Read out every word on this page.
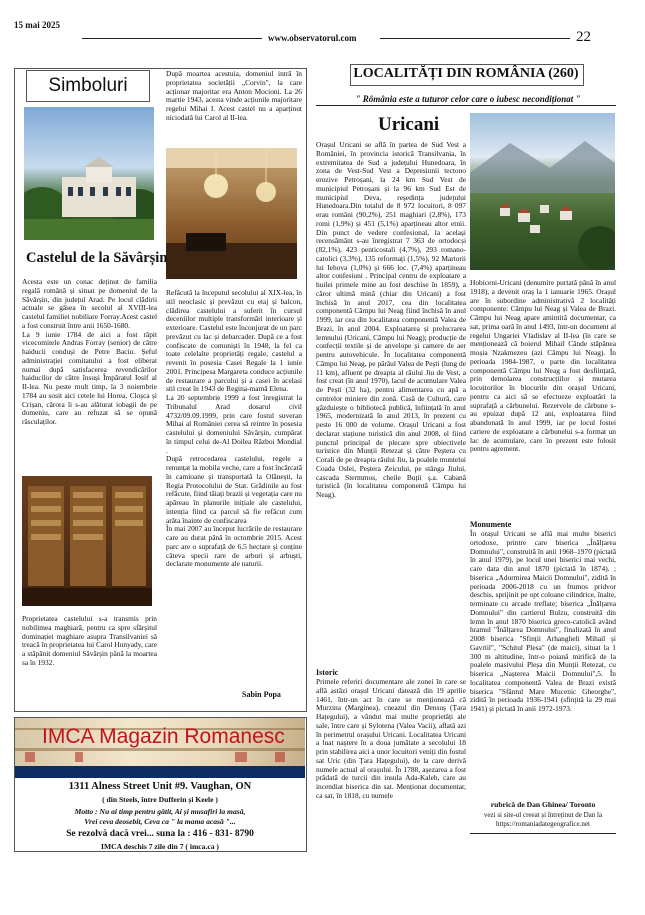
15 mai 2025
www.observatorul.com	22
Simboluri
După moartea acestuia, domeniul intră în proprietatea societății „Corvin", la care acționar majoritar era Anton Mocioni. La 26 martie 1943, acesta vinde acțiunile majoritare regelui Mihai I. Acest castel nu a aparținut niciodată lui Carol al II-lea.
Castelul de la Săvârșin
Acesta este un conac deținut de familia regală română și situat pe domeniul de la Săvârșin, din județul Arad. Pe locul clădirii actuale se găsea în secolul al XVIII-lea castelul familiei nobiliare Forray.Acest castel a fost construit între anii 1650-1680.
La 9 iunie 1784 de aici a fost răpit vicecomitele Andras Forray (senior) de către haiducii conduși de Petre Baciu. Șeful administrației comitatului a fost eliberat numai după satisfacerea revendicărilor haiducilor de către însuși Împăratul Iosif al II-lea. Nu peste mult timp, la 3 noiembrie 1784 au sosit aici cetele lui Horea, Cloșca și Crișan, cărora li s-au alăturat iobagii de pe domeniu, care au refuzat să se opună răsculaților.
Proprietatea castelului s-a transmis prin nobilimea maghiară, pentru ca spre sfârșitul dominației maghiare asupra Transilvaniei să treacă în proprietatea lui Carol Hunyady, care a stăpânit domeniul Săvârșin până la moartea sa în 1932.
Refăcută la începutul secolului al XIX-lea, în stil neoclasic și prevăzut cu etaj și balcon, clădirea castelului a suferit în cursul deceniilor multiple transformări interioare și exterioare. Castelul este înconjurat de un parc prevăzut cu lac și debarcader. După ce a fost confiscate de comuniști în 1948, la fel ca toate celelalte proprietăți regale, castelul a revenit în posesia Casei Regale la 1 iunie 2001. Principesa Margareta conduce acțiunile de restaurare a parcului și a casei în acelasi stil creat în 1943 de Regina-mamă Elena.
La 20 septembrie 1999 a fost înregistrat la Tribunalul Arad dosarul civil 4732/09.09.1999, prin care fostul suveran Mihai al României cerea să reintre în posesia castelului și domeniului Săvârșin, cumpărat în timpul celui de-Al Doilea Război Mondial .
După retrocedarea castelului, regele a renunțat la mobila veche, care a fost încărcată în camioane și transportată la Olănești, la Regia Protocolului de Stat. Grădinile au fost refăcute, fiind tăiați brazii și vegetația care nu apăreau în planurile inițiale ale castelului, intenția fiind ca parcul să fie refăcut cum arăta înainte de confiscarea
În mai 2007 au început lucrările de restaurare care au durat până în octombrie 2015. Acest parc are o suprafață de 6,5 hectare și conține câteva specii rare de arbori și arbuști, declarate monumente ale naturii.
Sabin Popa
IMCA Magazin Romanesc
1311 Alness Street Unit #9. Vaughan, ON
( din Steels, între Dufferin și Keele )
Motto : Nu ai timp pentru gătit, Ai și musafiri la masă,
Vrei ceva deosebit, Ceva ca " la mama acasă "...
Se rezolvă dacă vrei... suna la : 416 - 831- 8790
IMCA deschis 7 zile din 7 ( imca.ca )
LOCALITĂȚI DIN ROMÂNIA (260)
" Rômânia este a tuturor celor care o iubesc necondiționat "
Uricani
Orașul Uricani se află în partea de Sud Vest a României, în provincia istorică Transilvania, în extremitatea de Sud a județului Hunedoara, în zona de Vest-Sud Vest a Depresiunii tectono erozive Petroșani, la 24 km Sud Vest de municipiul Petroșani și la 96 km Sud Est de municipiul Deva, reședința județului Hunedoara.Din totalul de 8 972 locuitori, 8 097 erau români (90,2%), 251 maghiari (2,8%), 173 romi (1,9%) și 451 (5,1%) aparțineau altor etnii. Din punct de vedere confesional, la același recensământ s-au înregistrat 7 363 de ortodocși (82,1%), 423 penticostali (4,7%), 293 romano-catolici (3,3%), 135 reformați (1,5%), 92 Martorii lui Iehova (1,0%) și 666 loc. (7,4%) aparțineau altor confesiuni . Principal centru de exploatare a huilei primele mine au fost deschise în 1859), a căror ultimă mină (chiar din Uricani) a fost închisă în anul 2017, cea din localitatea componentă Câmpu lui Neag fiind închisă în anul 1999, iar cea din localitatea componentă Valea de Brazi, în anul 2004. Exploatarea și prelucrarea lemnului (Uricani, Câmpu lui Neag); producție de confecții textile și de anvelope și camere de aer pentru autovehicule. În localitatea componentă Câmpu lui Neag, pe pârâul Valea de Pești (lung de 11 km), afluent pe dreapta al râului Jiu de Vest, a fost creat (în anul 1970), lacul de acumulare Valea de Pești (32 ha), pentru alimentarea cu apă a centrelor miniere din zonă. Casă de Cultură, care găzduiește o bibliotecă publică, înființată în anul 1965, modernizată în anul 2013, în prezent cu peste 16 000 de volume. Orașul Uricani a fost declarat stațiune turistică din anul 2008, el fiind punctul principal de plecare spre obiectivele turistice din Munții Retezat și către Peștera cu Corali de pe dreapta râului Jiu, la poalele muntelui Coada Oslei, Peștera Zeicului, pe stânga Jiului, cascada Stermmos, cheile Buții ș.a. Cabană turistică (în localitatea componentă Câmpu lui Neag).
Istoric
Primele referiri documentare ale zonei în care se află astăzi orașul Uricani datează din 19 aprilie 1461, într-un act în care se menționează că Murzina (Marginea), cneazul din Densuș (Țara Hațegului), a vândut mai multe proprietăți ale sale, între care și Sylotena (Valea Vacii), aflată azi în perimetrul orașului Uricani. Localitatea Uricani a luat naștere în a doua jumătate a secolului 18 prin stabilirea aici a unor locuitori veniți din fostul sat Uric (din Țara Hațegului), de la care derivă numele actual al orașului. În 1788, așezarea a fost prădată de turcii din insula Ada-Kaleh, care au incendiat biserica din sat. Menționat documentar, ca sat, în 1818, cu numele
Hobiceni-Uricani (denumire purtată până în anul 1918), a devenit oraș la 1 ianuarie 1965. Orașul are în subordine administrativă 2 localități componente: Câmpu lui Neag și Valea de Brazi. Câmpu lui Neag apare amintită documentar, ca sat, prima oară în anul 1493, într-un document al regelui Ungariei Vladislav al II-lea (în care se menționează că boierul Mihail Cânde stăpânea moșia Nzakmezeu (azi Câmpu lui Neag). În perioada 1984-1987, o parte din localitatea componentă Câmpu lui Neag a fost desființată, prin demolarea construcțiilor și mutarea locuitorilor în blocurile din orașul Uricani, pentru ca aici să se efectueze exploatări la suprafață a cărbunelui. Rezervele de cărbune s-au epuizat după 12 ani, exploatarea fiind abandonată în anul 1999, iar pe locul fostei cariere de exploatare a cărbunelui s-a format un lac de acumulare, care în prezent este folosit pentru agrement.
Monumente
În orașul Uricani se află mai multe biserici ortodoxe, printre care biserica „Înălțarea Domnului", construită în anii 1968–1970 (pictată în anul 1979), pe locul unei biserici mai vechi, care data din anul 1870 (pictată în 1874). ; biserica „Adormirea Maicii Domnului", zidită în perioada 2006-2018 cu un frumos pridvor deschis, sprijinit pe opt coloane cilindrice, înalte, terminate cu arcade treflate; biserica „Înălțarea Domnului" din cartierul Bulzu, construită din lemn în anul 1870 biserica greco-catolică având hramul "Înălțarea Domnului", finalizată în anul 2008 biserica "Sfinții Arhangheli Mihail și Gavriil", "Schitul Plesa" (de maici), situat la 1 300 m altitudine, într-o poiană mirifică de la poalele masivului Pleșa din Munții Retezat, cu biserica „Nașterea Maicii Domnului",5. În localitatea componentă Valea de Brazi există biserica "Sfântul Mare Mucenic Gheorghe", zidită în perioada 1936-1941 (sfințită la 29 mai 1941) și pictată în anii 1972-1973.
rubrică de Dan Ghinea/ Toronto
vezi si site-ul creeat și întreținut de Dan la
https://romaniadategeografice.net
